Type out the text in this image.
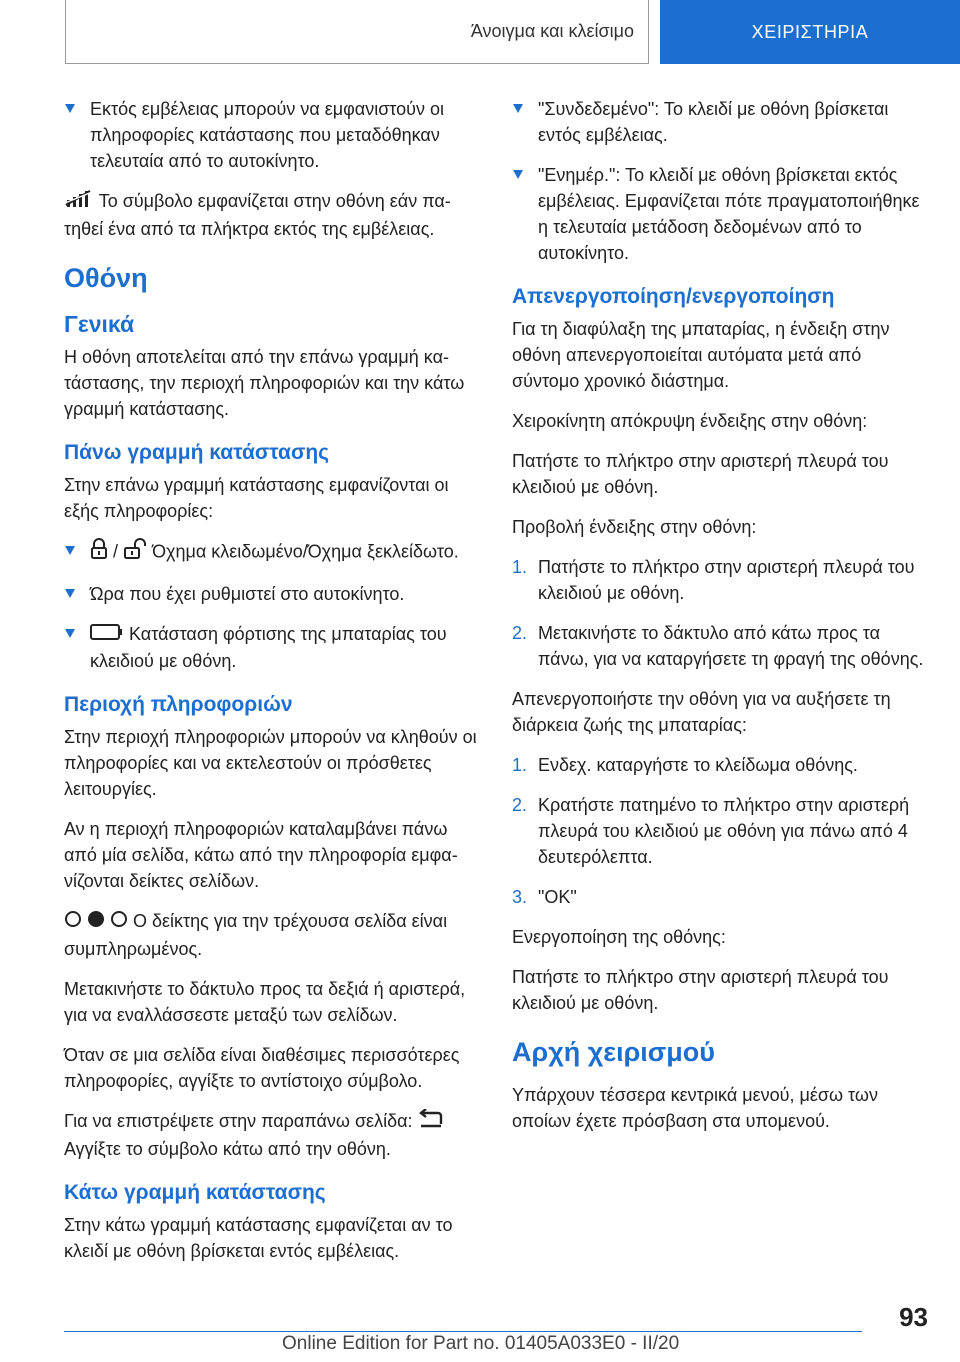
Άνοιγμα και κλείσιμο	ΧΕΙΡΙΣΤΗΡΙΑ
Εκτός εμβέλειας μπορούν να εμφανιστούν οι πληροφορίες κατάστασης που μεταδόθηκαν τελευταία από το αυτοκίνητο.

Το σύμβολο εμφανίζεται στην οθόνη εάν πατηθεί ένα από τα πλήκτρα εκτός της εμβέλειας.

Οθόνη
Γενικά

Η οθόνη αποτελείται από την επάνω γραμμή κατάστασης, την περιοχή πληροφοριών και την κάτω γραμμή κατάστασης.

Πάνω γραμμή κατάστασης

Στην επάνω γραμμή κατάστασης εμφανίζονται οι εξής πληροφορίες:

/ Όχημα κλειδωμένο/Όχημα ξεκλείδωτο.
Ώρα που έχει ρυθμιστεί στο αυτοκίνητο.
Κατάσταση φόρτισης της μπαταρίας του κλειδιού με οθόνη.
Περιοχή πληροφοριών

Στην περιοχή πληροφοριών μπορούν να κληθούν οι πληροφορίες και να εκτελεστούν οι πρόσθετες λειτουργίες.

Αν η περιοχή πληροφοριών καταλαμβάνει πάνω από μία σελίδα, κάτω από την πληροφορία εμφανίζονται δείκτες σελίδων.

Ο δείκτης για την τρέχουσα σελίδα είναι συμπληρωμένος.

Μετακινήστε το δάκτυλο προς τα δεξιά ή αριστερά, για να εναλλάσσεστε μεταξύ των σελίδων.

Όταν σε μια σελίδα είναι διαθέσιμες περισσότερες πληροφορίες, αγγίξτε το αντίστοιχο σύμβολο.

Για να επιστρέψετε στην παραπάνω σελίδα:
Αγγίξτε το σύμβολο κάτω από την οθόνη.

Κάτω γραμμή κατάστασης

Στην κάτω γραμμή κατάστασης εμφανίζεται αν το κλειδί με οθόνη βρίσκεται εντός εμβέλειας.

"Συνδεδεμένο": Το κλειδί με οθόνη βρίσκεται εντός εμβέλειας.
"Ενημέρ.": Το κλειδί με οθόνη βρίσκεται εκτός εμβέλειας. Εμφανίζεται πότε πραγματοποιήθηκε η τελευταία μετάδοση δεδομένων από το αυτοκίνητο.
Απενεργοποίηση/ενεργοποίηση

Για τη διαφύλαξη της μπαταρίας, η ένδειξη στην οθόνη απενεργοποιείται αυτόματα μετά από σύντομο χρονικό διάστημα.

Χειροκίνητη απόκρυψη ένδειξης στην οθόνη:

Πατήστε το πλήκτρο στην αριστερή πλευρά του κλειδιού με οθόνη.

Προβολή ένδειξης στην οθόνη:

1. Πατήστε το πλήκτρο στην αριστερή πλευρά του κλειδιού με οθόνη.
2. Μετακινήστε το δάκτυλο από κάτω προς τα πάνω, για να καταργήσετε τη φραγή της οθόνης.

Απενεργοποιήστε την οθόνη για να αυξήσετε τη διάρκεια ζωής της μπαταρίας:

1. Ενδεχ. καταργήστε το κλείδωμα οθόνης.
2. Κρατήστε πατημένο το πλήκτρο στην αριστερή πλευρά του κλειδιού με οθόνη για πάνω από 4 δευτερόλεπτα.
3. "OK"

Ενεργοποίηση της οθόνης:

Πατήστε το πλήκτρο στην αριστερή πλευρά του κλειδιού με οθόνη.

Αρχή χειρισμού

Υπάρχουν τέσσερα κεντρικά μενού, μέσω των οποίων έχετε πρόσβαση στα υπομενού.

93
Online Edition for Part no. 01405A033E0 - II/20
